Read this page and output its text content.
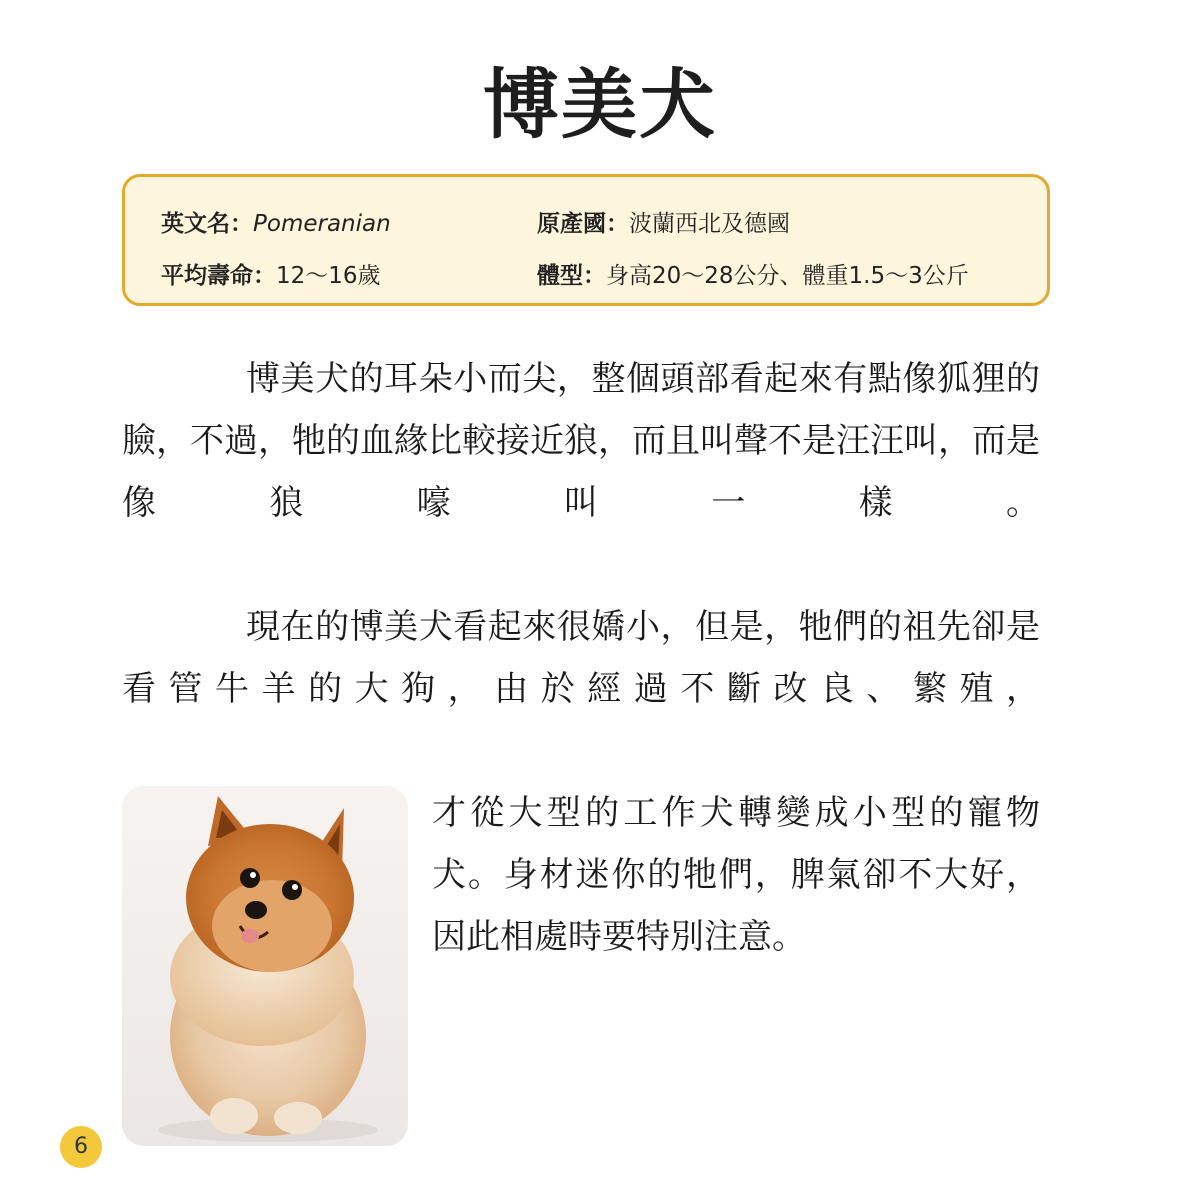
博美犬
英文名：Pomeranian	原產國：波蘭西北及德國
平均壽命：12～16歲	體型：身高20～28公分、體重1.5～3公斤

博美犬的耳朵小而尖，整個頭部看起來有點像狐狸的臉，不過，牠的血緣比較接近狼，而且叫聲不是汪汪叫，而是像狼嚎叫一樣。

現在的博美犬看起來很嬌小，但是，牠們的祖先卻是看管牛羊的大狗，由於經過不斷改良、繁殖，

才從大型的工作犬轉變成小型的寵物犬。身材迷你的牠們，脾氣卻不大好，因此相處時要特別注意。

6
